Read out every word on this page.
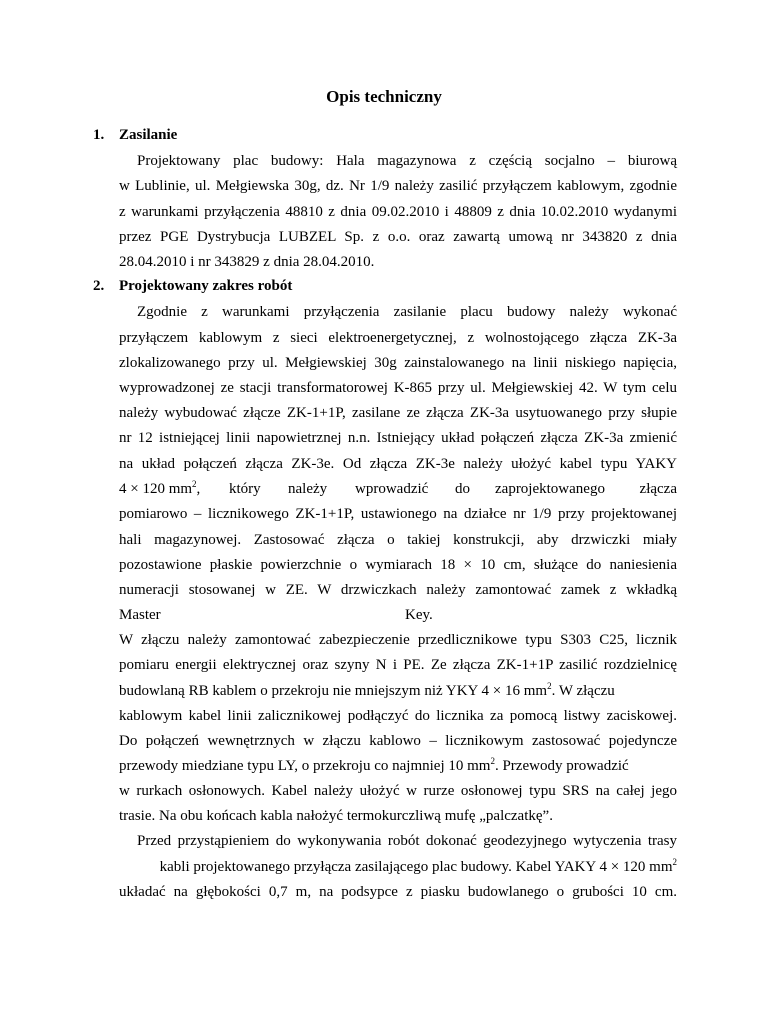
Opis techniczny
1. Zasilanie
Projektowany plac budowy: Hala magazynowa z częścią socjalno – biurową
w Lublinie, ul. Mełgiewska 30g, dz. Nr 1/9 należy zasilić przyłączem kablowym, zgodnie
z warunkami przyłączenia 48810 z dnia 09.02.2010 i 48809 z dnia 10.02.2010 wydanymi
przez PGE Dystrybucja LUBZEL Sp. z o.o. oraz zawartą umową nr 343820 z dnia
28.04.2010 i nr 343829 z dnia 28.04.2010.
2. Projektowany zakres robót
Zgodnie z warunkami przyłączenia zasilanie placu budowy należy wykonać
przyłączem kablowym z sieci elektroenergetycznej, z wolnostojącego złącza ZK-3a
zlokalizowanego przy ul. Mełgiewskiej 30g zainstalowanego na linii niskiego napięcia,
wyprowadzonej ze stacji transformatorowej K-865 przy ul. Mełgiewskiej 42. W tym celu
należy wybudować złącze ZK-1+1P, zasilane ze złącza ZK-3a usytuowanego przy słupie
nr 12 istniejącej linii napowietrznej n.n. Istniejący układ połączeń złącza ZK-3a zmienić
na układ połączeń złącza ZK-3e. Od złącza ZK-3e należy ułożyć kabel typu YAKY
4 × 120 $mm^2$, który należy wprowadzić do zaprojektowanego złącza
pomiarowo – licznikowego ZK-1+1P, ustawionego na działce nr 1/9 przy projektowanej
hali magazynowej. Zastosować złącza o takiej konstrukcji, aby drzwiczki miały
pozostawione płaskie powierzchnie o wymiarach 18 × 10 cm, służące do naniesienia
numeracji stosowanej w ZE. W drzwiczkach należy zamontować zamek z wkładką
Master	Key.
W złączu należy zamontować zabezpieczenie przedlicznikowe typu S303 C25, licznik
pomiaru energii elektrycznej oraz szyny N i PE. Ze złącza ZK-1+1P zasilić rozdzielnicę
budowlaną RB kablem o przekroju nie mniejszym niż YKY 4 × 16 $mm^2$. W złączu
kablowym kabel linii zalicznikowej podłączyć do licznika za pomocą listwy zaciskowej.
Do połączeń wewnętrznych w złączu kablowo – licznikowym zastosować pojedyncze
przewody miedziane typu LY, o przekroju co najmniej 10 $mm^2$. Przewody prowadzić
w rurkach osłonowych. Kabel należy ułożyć w rurze osłonowej typu SRS na całej jego
trasie. Na obu końcach kabla nałożyć termokurczliwą mufę „palczatkę”.
Przed przystąpieniem do wykonywania robót dokonać geodezyjnego wytyczenia trasy
kabli projektowanego przyłącza zasilającego plac budowy. Kabel YAKY 4 × 120 $mm^2$
układać na głębokości 0,7 m, na podsypce z piasku budowlanego o grubości 10 cm.
